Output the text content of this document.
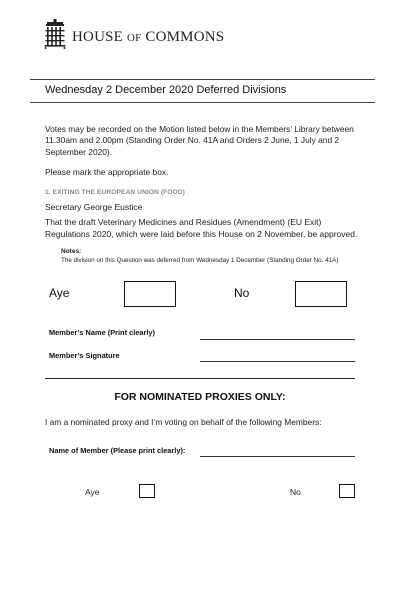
HOUSE OF COMMONS
Wednesday 2 December 2020 Deferred Divisions
Votes may be recorded on the Motion listed below in the Members’ Library between 11.30am and 2.00pm (Standing Order No. 41A and Orders 2 June, 1 July and 2 September 2020).
Please mark the appropriate box.
1. EXITING THE EUROPEAN UNION (FOOD)
Secretary George Eustice
That the draft Veterinary Medicines and Residues (Amendment) (EU Exit) Regulations 2020, which were laid before this House on 2 November, be approved.
Notes:
The division on this Question was deferred from Wednesday 1 December (Standing Order No. 41A)
Aye	No
Member’s Name (Print clearly)
Member’s Signature
FOR NOMINATED PROXIES ONLY:
I am a nominated proxy and I’m voting on behalf of the following Members:
Name of Member (Please print clearly):
Aye	No
